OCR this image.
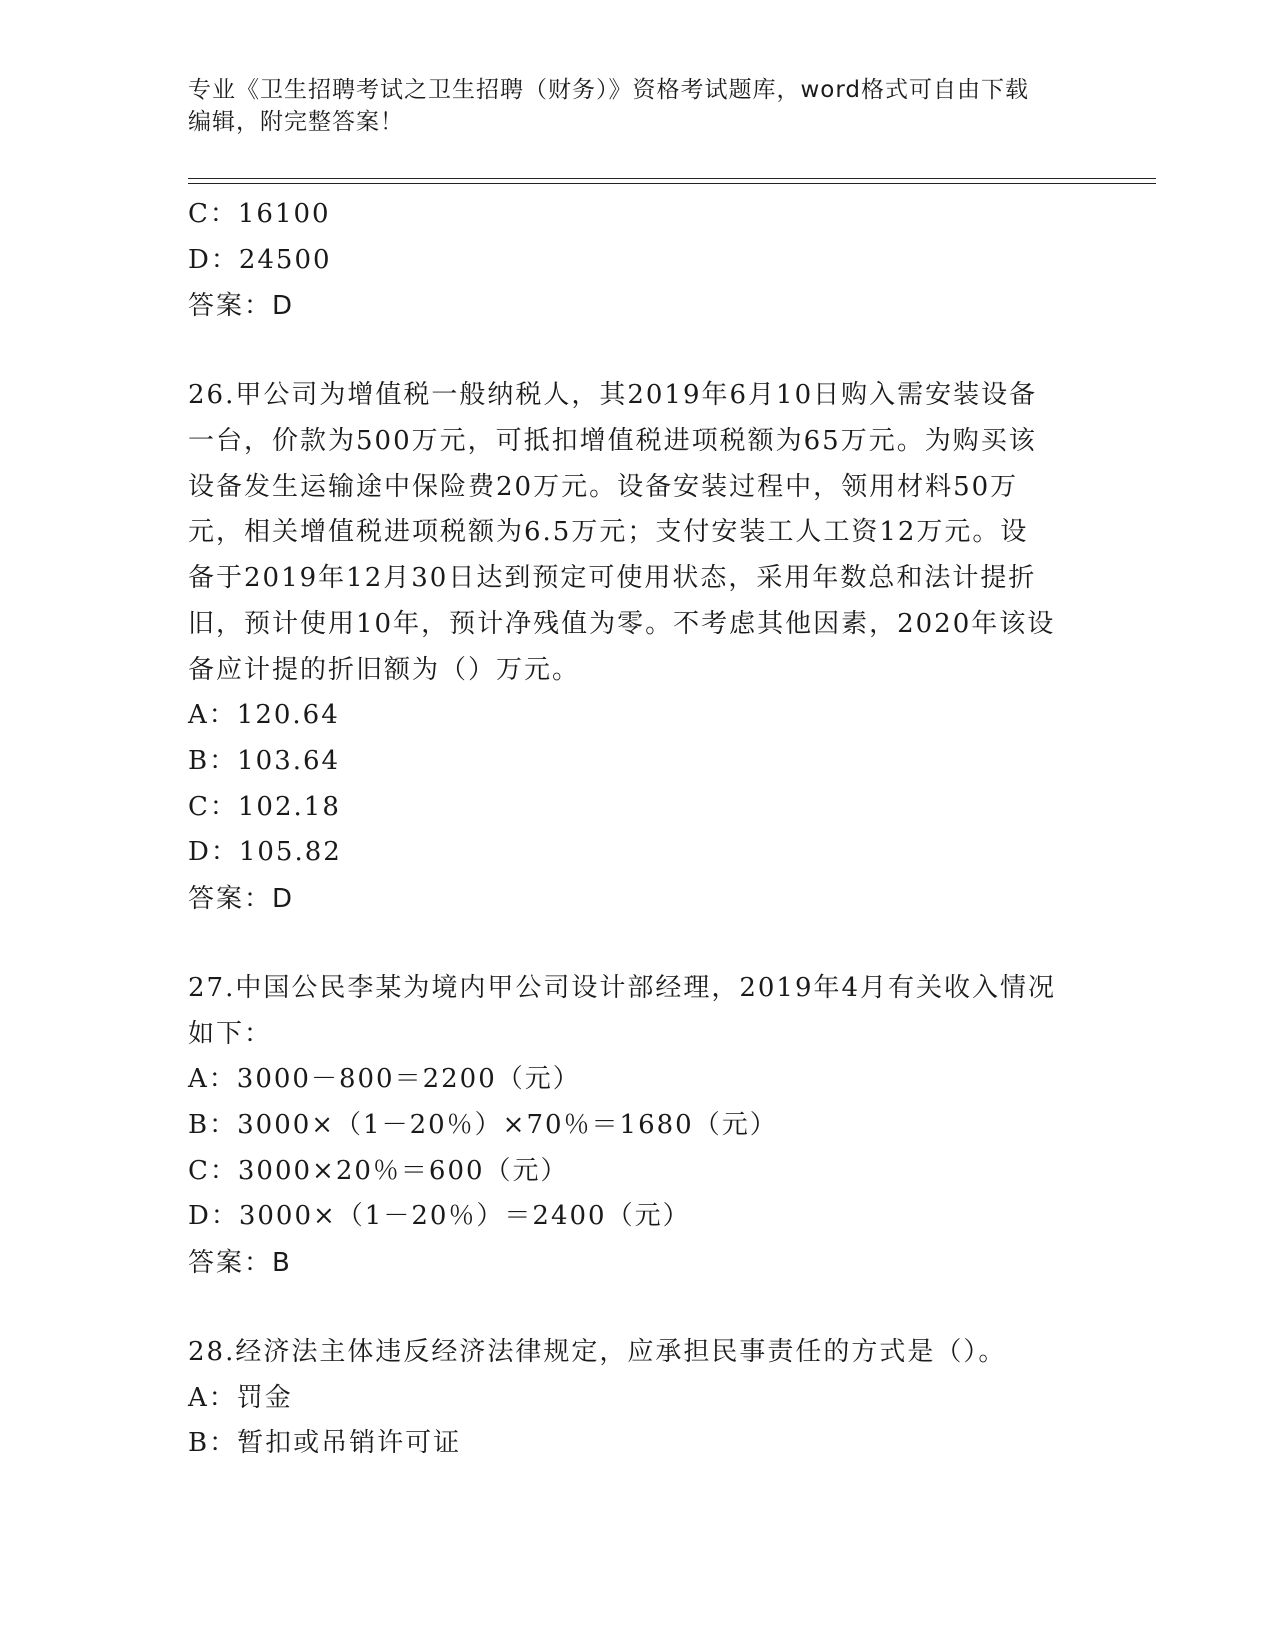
专业《卫生招聘考试之卫生招聘（财务）》资格考试题库，word格式可自由下载
编辑，附完整答案！
C：16100
D：24500
答案：D
26.甲公司为增值税一般纳税人，其2019年6月10日购入需安装设备
一台，价款为500万元，可抵扣增值税进项税额为65万元。为购买该
设备发生运输途中保险费20万元。设备安装过程中，领用材料50万
元，相关增值税进项税额为6.5万元；支付安装工人工资12万元。设
备于2019年12月30日达到预定可使用状态，采用年数总和法计提折
旧，预计使用10年，预计净残值为零。不考虑其他因素，2020年该设
备应计提的折旧额为（）万元。
A：120.64
B：103.64
C：102.18
D：105.82
答案：D
27.中国公民李某为境内甲公司设计部经理，2019年4月有关收入情况
如下：
A：3000－800＝2200（元）
B：3000×（1－20％）×70％＝1680（元）
C：3000×20％＝600（元）
D：3000×（1－20％）＝2400（元）
答案：B
28.经济法主体违反经济法律规定，应承担民事责任的方式是（）。
A：罚金
B：暂扣或吊销许可证
